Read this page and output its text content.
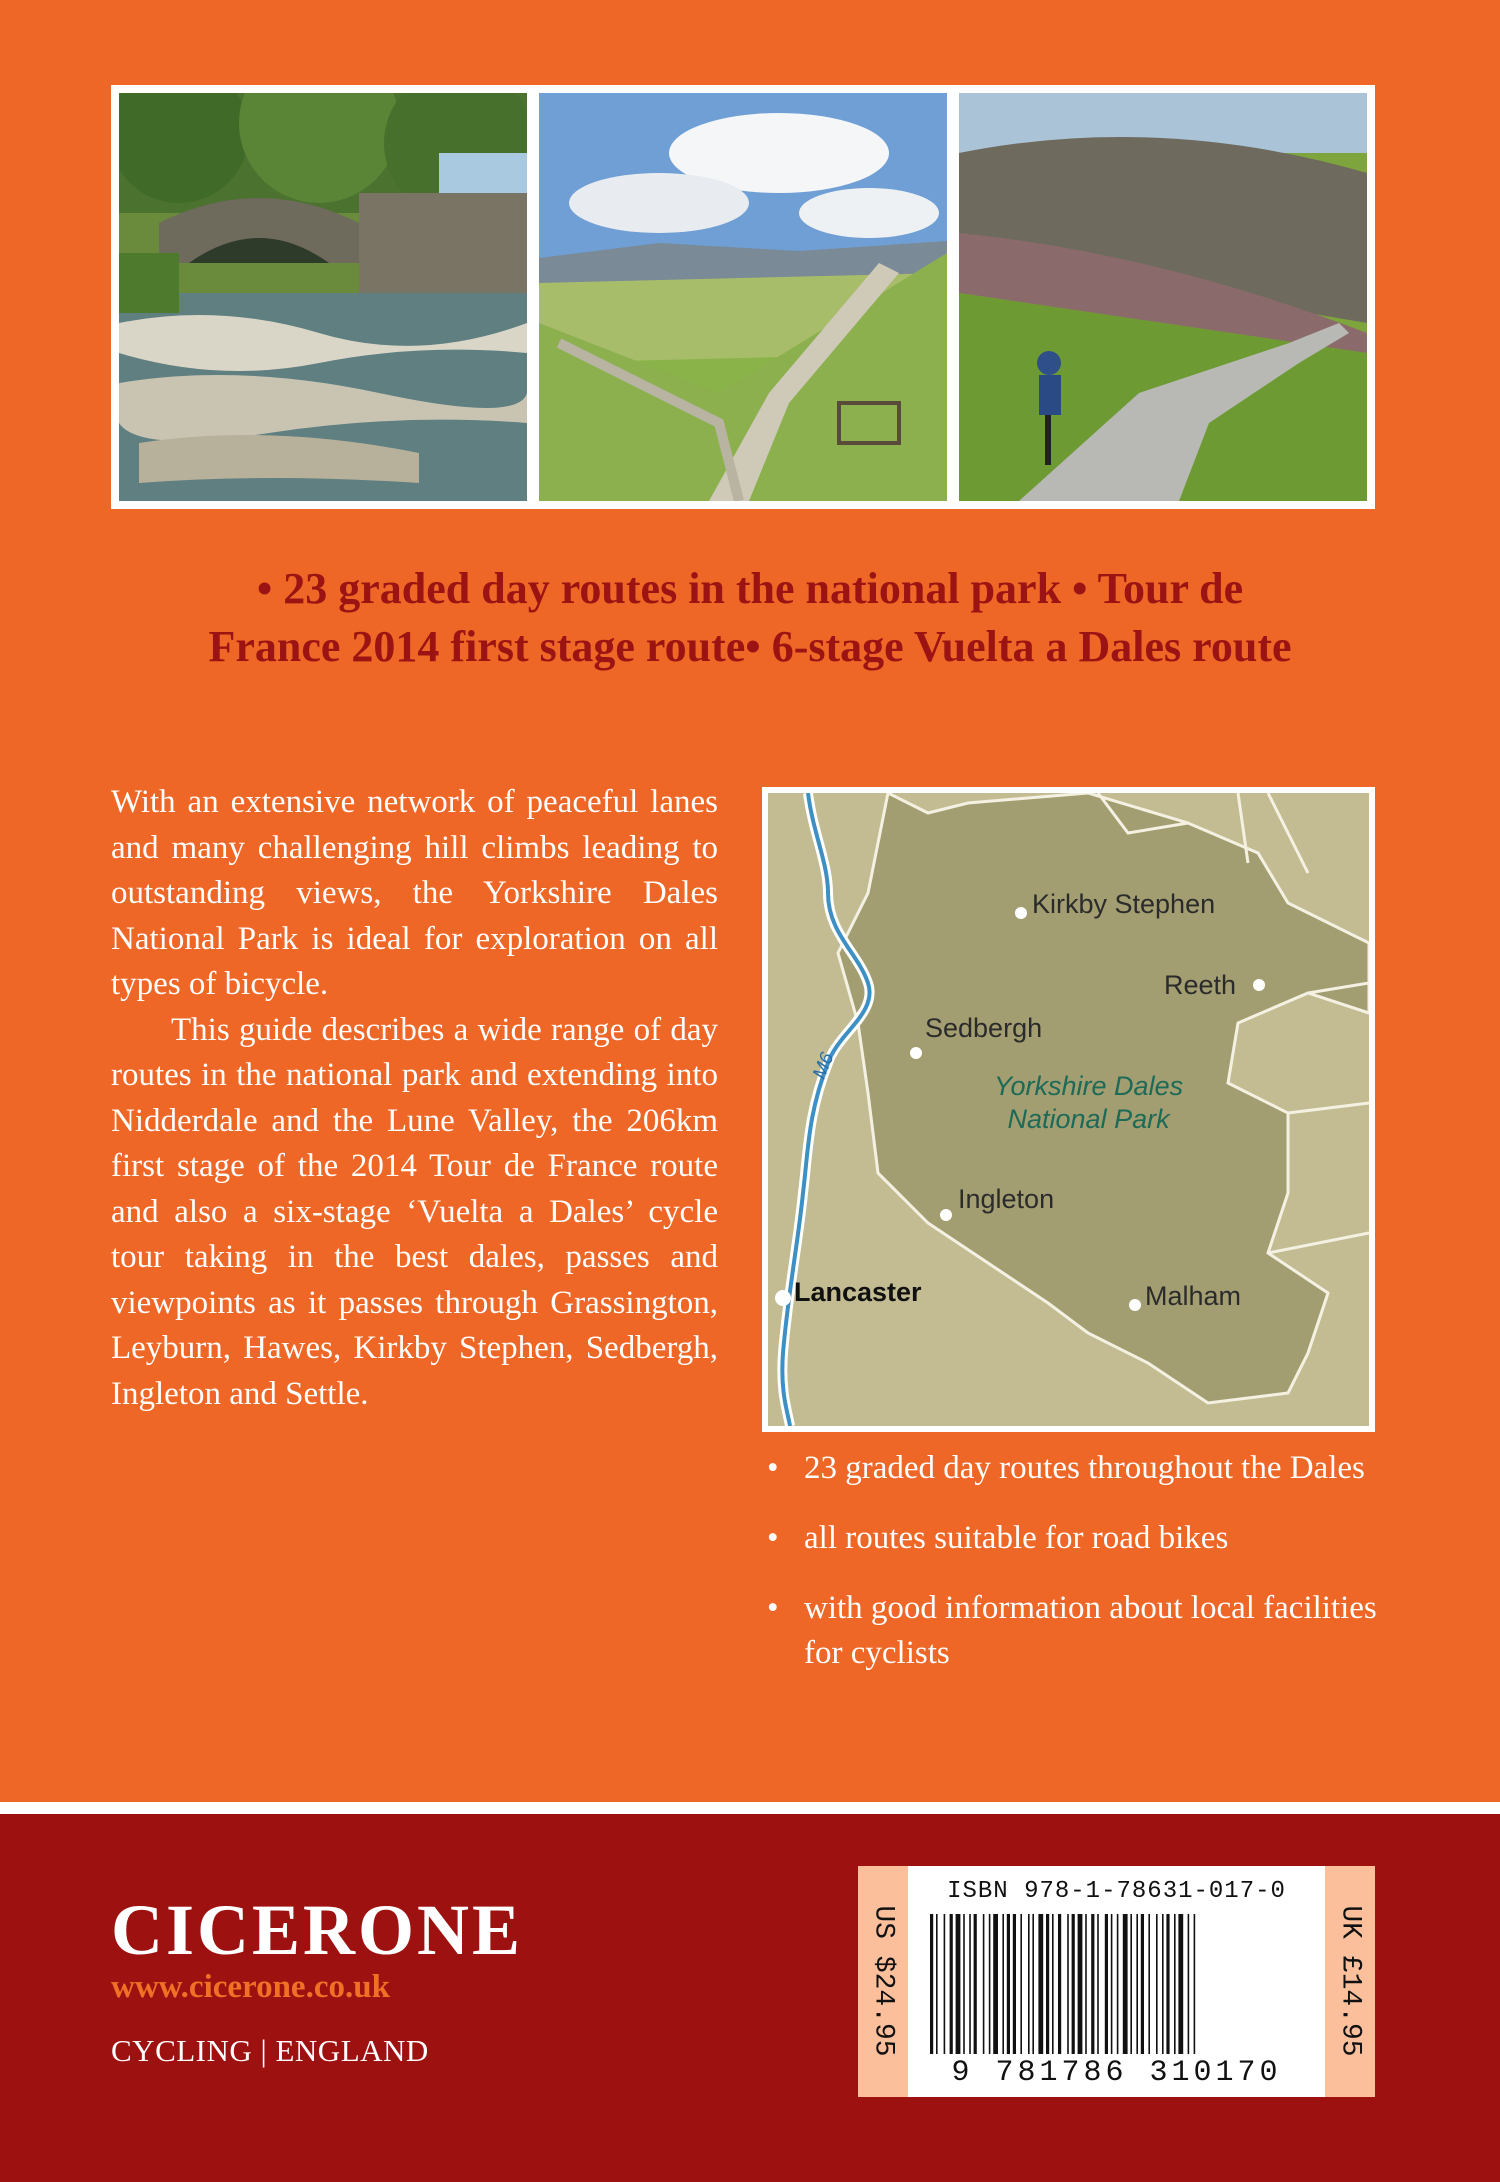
• 23 graded day routes in the national park • Tour de
France 2014 first stage route• 6-stage Vuelta a Dales route

With an extensive network of peaceful lanes and many challenging hill climbs leading to outstanding views, the Yorkshire Dales National Park is ideal for exploration on all types of bicycle.

This guide describes a wide range of day routes in the national park and extending into Nidderdale and the Lune Valley, the 206km first stage of the 2014 Tour de France route and also a six-stage ‘Vuelta a Dales’ cycle tour taking in the best dales, passes and viewpoints as it passes through Grassington, Leyburn, Hawes, Kirkby Stephen, Sedbergh, Ingleton and Settle.

Kirkby Stephen
Reeth
Sedbergh
Ingleton
Lancaster	Malham
Yorkshire Dales
National Park
M6
• 23 graded day routes throughout the Dales
• all routes suitable for road bikes
• with good information about local facilities for cyclists
CICERONE
www.cicerone.co.uk
CYCLING | ENGLAND	US $24.95
ISBN 978-1-78631-017-0
9 781786 310170
UK £14.95
